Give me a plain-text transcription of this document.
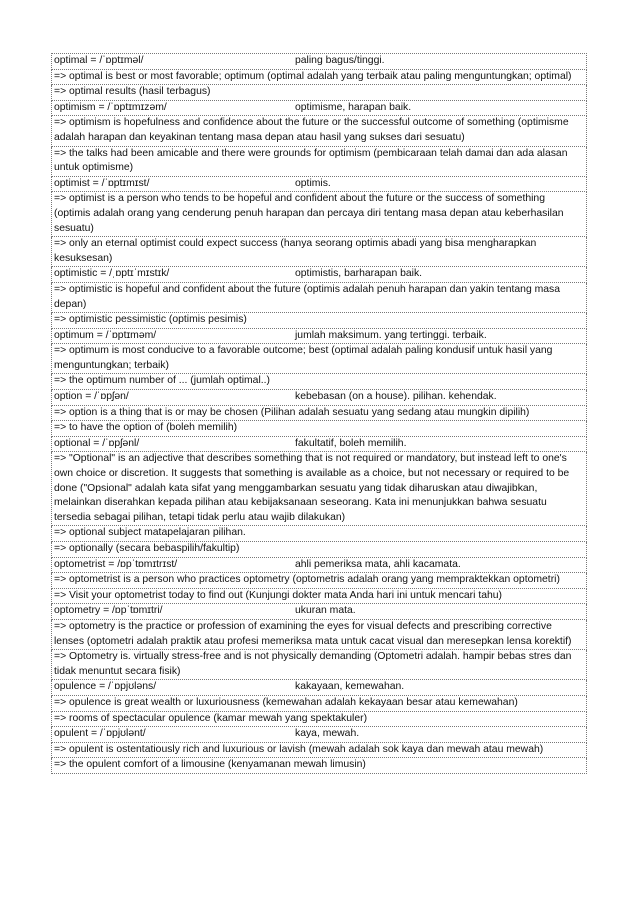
optimal = /ˈɒptɪməl/	paling bagus/tinggi.
=> optimal is best or most favorable; optimum (optimal adalah yang terbaik atau paling menguntungkan; optimal)
=> optimal results (hasil terbagus)
optimism = /ˈɒptɪmɪzəm/	optimisme, harapan baik.
=> optimism is hopefulness and confidence about the future or the successful outcome of something (optimisme adalah harapan dan keyakinan tentang masa depan atau hasil yang sukses dari sesuatu)
=> the talks had been amicable and there were grounds for optimism (pembicaraan telah damai dan ada alasan untuk optimisme)
optimist = /ˈɒptɪmɪst/	optimis.
=> optimist is a person who tends to be hopeful and confident about the future or the success of something (optimis adalah orang yang cenderung penuh harapan dan percaya diri tentang masa depan atau keberhasilan sesuatu)
=> only an eternal optimist could expect success (hanya seorang optimis abadi yang bisa mengharapkan kesuksesan)
optimistic = /ˌɒptɪˈmɪstɪk/	optimistis, barharapan baik.
=> optimistic is hopeful and confident about the future (optimis adalah penuh harapan dan yakin tentang masa depan)
=> optimistic pessimistic (optimis pesimis)
optimum = /ˈɒptɪməm/	jumlah maksimum. yang tertinggi. terbaik.
=> optimum is most conducive to a favorable outcome; best (optimal adalah paling kondusif untuk hasil yang menguntungkan; terbaik)
=> the optimum number of ... (jumlah optimal..)
option = /ˈɒpʃən/	kebebasan (on a house). pilihan. kehendak.
=> option is a thing that is or may be chosen (Pilihan adalah sesuatu yang sedang atau mungkin dipilih)
=> to have the option of (boleh memilih)
optional = /ˈɒpʃənl/	fakultatif, boleh memilih.
=> "Optional" is an adjective that describes something that is not required or mandatory, but instead left to one's own choice or discretion. It suggests that something is available as a choice, but not necessary or required to be done ("Opsional" adalah kata sifat yang menggambarkan sesuatu yang tidak diharuskan atau diwajibkan, melainkan diserahkan kepada pilihan atau kebijaksanaan seseorang. Kata ini menunjukkan bahwa sesuatu tersedia sebagai pilihan, tetapi tidak perlu atau wajib dilakukan)
=> optional subject matapelajaran pilihan.
=> optionally (secara bebaspilih/fakultip)
optometrist = /ɒpˈtɒmɪtrɪst/	ahli pemeriksa mata, ahli kacamata.
=> optometrist is a person who practices optometry (optometris adalah orang yang mempraktekkan optometri)
=> Visit your optometrist today to find out (Kunjungi dokter mata Anda hari ini untuk mencari tahu)
optometry = /ɒpˈtɒmɪtri/	ukuran mata.
=> optometry is the practice or profession of examining the eyes for visual defects and prescribing corrective lenses (optometri adalah praktik atau profesi memeriksa mata untuk cacat visual dan meresepkan lensa korektif)
=> Optometry is. virtually stress-free and is not physically demanding (Optometri adalah. hampir bebas stres dan tidak menuntut secara fisik)
opulence = /ˈɒpjʊləns/	kakayaan, kemewahan.
=> opulence is great wealth or luxuriousness (kemewahan adalah kekayaan besar atau kemewahan)
=> rooms of spectacular opulence (kamar mewah yang spektakuler)
opulent = /ˈɒpjʊlənt/	kaya, mewah.
=> opulent is ostentatiously rich and luxurious or lavish (mewah adalah sok kaya dan mewah atau mewah)
=> the opulent comfort of a limousine (kenyamanan mewah limusin)
